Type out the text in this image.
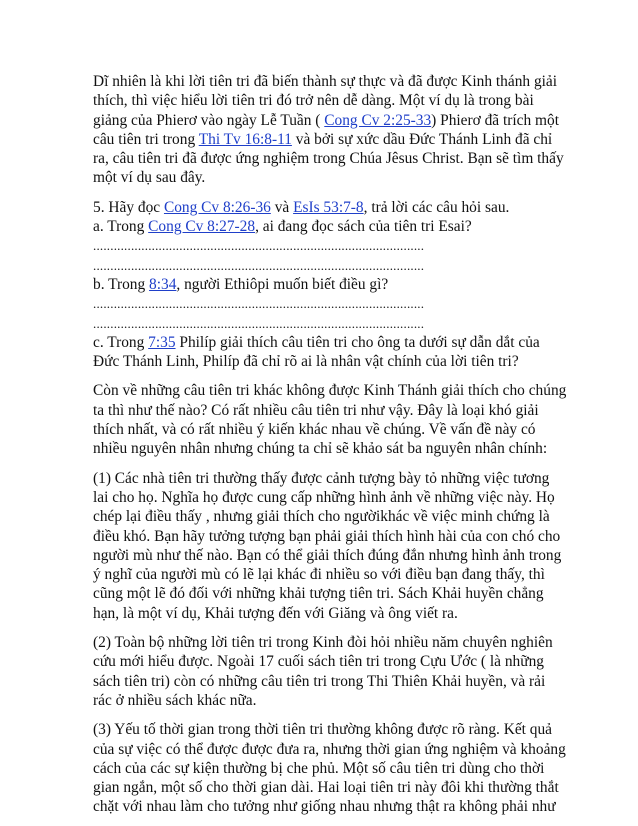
Dĩ nhiên là khi lời tiên tri đã biến thành sự thực và đã được Kinh thánh giải
thích, thì việc hiểu lời tiên tri đó trở nên dễ dàng. Một ví dụ là trong bài
giảng của Phierơ vào ngày Lễ Tuần ( Cong Cv 2:25-33) Phierơ đã trích một
câu tiên tri trong Thi Tv 16:8-11 và bởi sự xức dầu Đức Thánh Linh đã chỉ
ra, câu tiên tri đã được ứng nghiệm trong Chúa Jêsus Christ. Bạn sẽ tìm thấy
một ví dụ sau đây.

5. Hãy đọc Cong Cv 8:26-36 và EsIs 53:7-8, trả lời các câu hỏi sau.
a. Trong Cong Cv 8:27-28, ai đang đọc sách của tiên tri Esai?
................................................................................................
................................................................................................
b. Trong 8:34, người Ethiôpi muốn biết điều gì?
................................................................................................
................................................................................................
c. Trong 7:35 Philíp giải thích câu tiên tri cho ông ta dưới sự dẫn dắt của
Đức Thánh Linh, Philíp đã chỉ rõ ai là nhân vật chính của lời tiên tri?

Còn về những câu tiên tri khác không được Kinh Thánh giải thích cho chúng
ta thì như thế nào? Có rất nhiều câu tiên tri như vậy. Đây là loại khó giải
thích nhất, và có rất nhiều ý kiến khác nhau về chúng. Về vấn đề này có
nhiều nguyên nhân nhưng chúng ta chỉ sẽ khảo sát ba nguyên nhân chính:

(1) Các nhà tiên tri thường thấy được cảnh tượng bày tỏ những việc tương
lai cho họ. Nghĩa họ được cung cấp những hình ảnh về những việc này. Họ
chép lại điều thấy , nhưng giải thích cho ngườikhác về việc minh chứng là
điều khó. Bạn hãy tưởng tượng bạn phải giải thích hình hài của con chó cho
người mù như thế nào. Bạn có thể giải thích đúng đắn nhưng hình ảnh trong
ý nghĩ của người mù có lẽ lại khác đi nhiều so với điều bạn đang thấy, thì
cũng một lẽ đó đối với những khải tượng tiên tri. Sách Khải huyền chẳng
hạn, là một ví dụ, Khải tượng đến với Giăng và ông viết ra.

(2) Toàn bộ những lời tiên tri trong Kinh đòi hỏi nhiều năm chuyên nghiên
cứu mới hiểu được. Ngoài 17 cuối sách tiên tri trong Cựu Ước ( là những
sách tiên tri) còn có những câu tiên tri trong Thi Thiên Khải huyền, và rải
rác ở nhiều sách khác nữa.

(3) Yếu tố thời gian trong thời tiên tri thường không được rõ ràng. Kết quả
của sự việc có thể được được đưa ra, nhưng thời gian ứng nghiệm và khoảng
cách của các sự kiện thường bị che phủ. Một số câu tiên tri dùng cho thời
gian ngắn, một số cho thời gian dài. Hai loại tiên tri này đôi khi thường thắt
chặt với nhau làm cho tưởng như giống nhau nhưng thật ra không phải như
